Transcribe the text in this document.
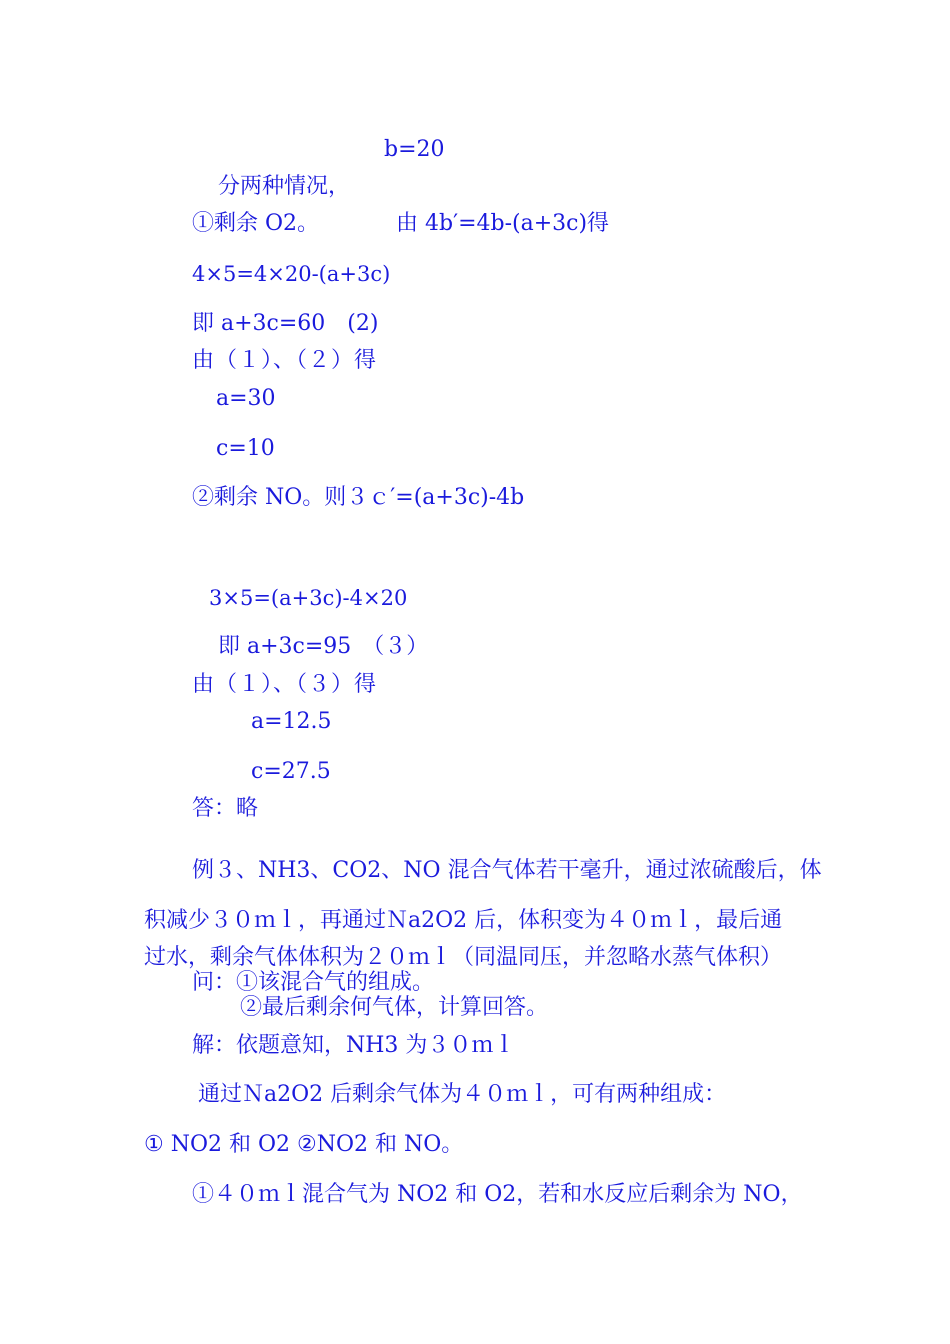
b=20
分两种情况，
①剩余 O2。	由 4b′=4b-(a+3c)得
4×5=4×20-(a+3c)
即 a+3c=60　(2)
由（１）、（２）得
a=30
c=10
②剩余 NO。则３ｃ′=(a+3c)-4b
3×5=(a+3c)-4×20
即 a+3c=95　（３）
由（１）、（３）得
a=12.5
c=27.5
答：略
例３、NH3、CO2、NO 混合气体若干毫升，通过浓硫酸后，体
积减少３０ｍｌ，再通过Ｎa2O2 后，体积变为４０ｍｌ，最后通
过水，剩余气体体积为２０ｍｌ（同温同压，并忽略水蒸气体积）
问：①该混合气的组成。
②最后剩余何气体，计算回答。
解：依题意知，NH3 为３０ｍｌ
通过Ｎa2O2 后剩余气体为４０ｍｌ，可有两种组成：
① NO2 和 O2 ②NO2 和 NO。
①４０ｍｌ混合气为 NO2 和 O2，若和水反应后剩余为 NO，
